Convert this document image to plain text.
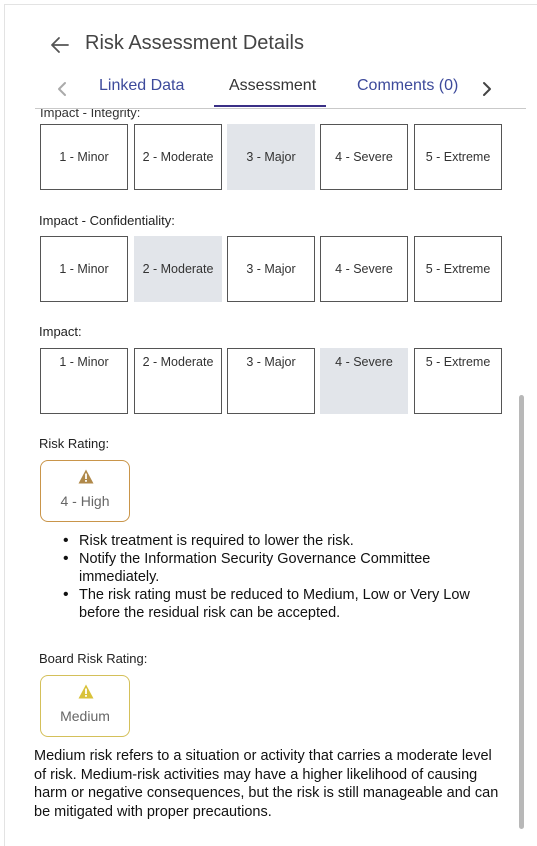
Risk Assessment Details
Linked Data	Assessment	Comments (0)
Impact - Integrity:
1 - Minor	2 - Moderate	3 - Major	4 - Severe	5 - Extreme
Impact - Confidentiality:
1 - Minor	2 - Moderate	3 - Major	4 - Severe	5 - Extreme
Impact:
1 - Minor	2 - Moderate	3 - Major	4 - Severe	5 - Extreme
Risk Rating:
4 - High
• Risk treatment is required to lower the risk.
• Notify the Information Security Governance Committee immediately.
• The risk rating must be reduced to Medium, Low or Very Low before the residual risk can be accepted.
Board Risk Rating:
Medium
Medium risk refers to a situation or activity that carries a moderate level of risk. Medium-risk activities may have a higher likelihood of causing harm or negative consequences, but the risk is still manageable and can be mitigated with proper precautions.
